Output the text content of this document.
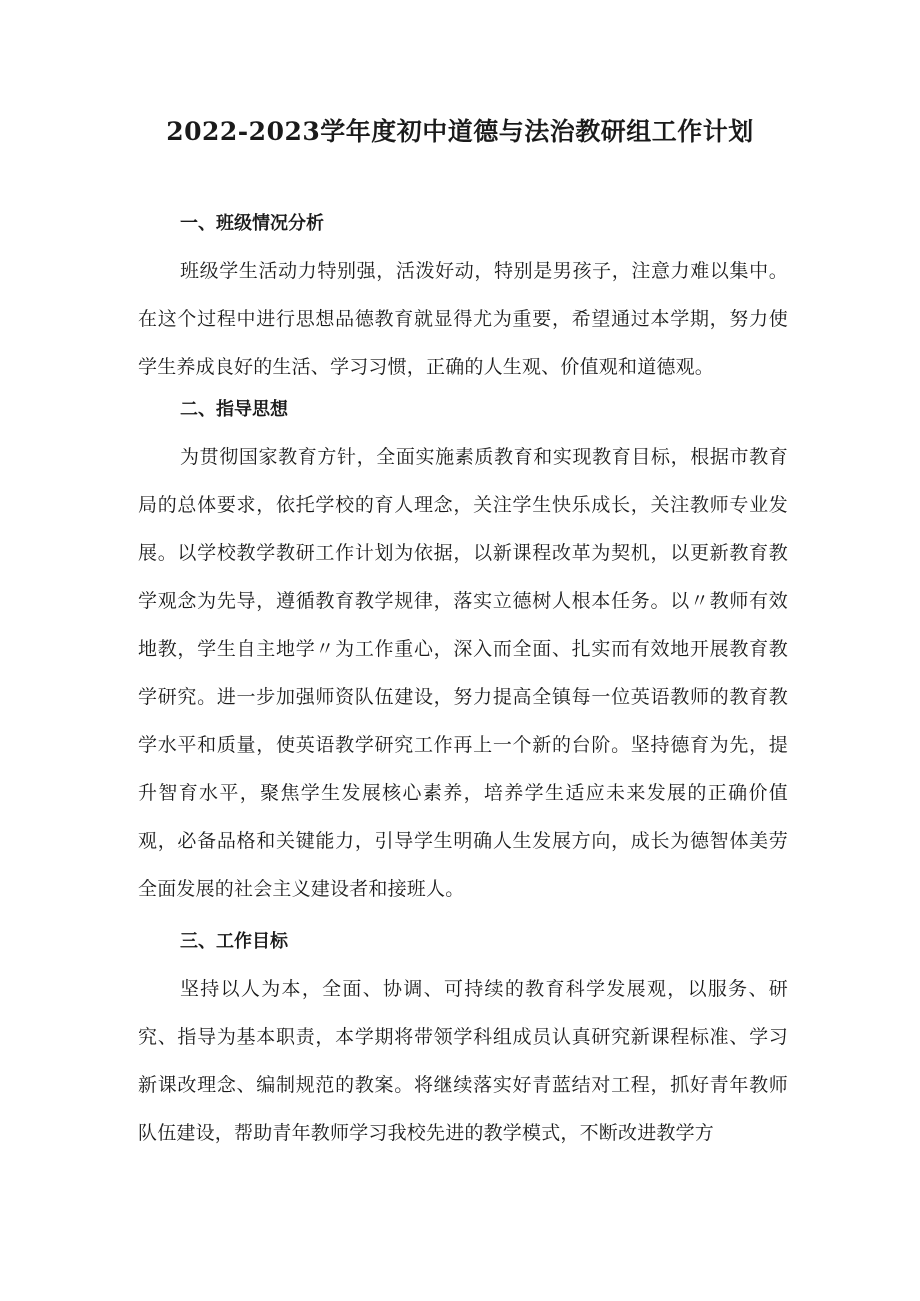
2022-2023学年度初中道德与法治教研组工作计划
一、班级情况分析

班级学生活动力特别强，活泼好动，特别是男孩子，注意力难以集中。在这个过程中进行思想品德教育就显得尤为重要，希望通过本学期，努力使学生养成良好的生活、学习习惯，正确的人生观、价值观和道德观。

二、指导思想

为贯彻国家教育方针，全面实施素质教育和实现教育目标，根据市教育局的总体要求，依托学校的育人理念，关注学生快乐成长，关注教师专业发展。以学校教学教研工作计划为依据，以新课程改革为契机，以更新教育教学观念为先导，遵循教育教学规律，落实立德树人根本任务。以〃教师有效地教，学生自主地学〃为工作重心，深入而全面、扎实而有效地开展教育教学研究。进一步加强师资队伍建设，努力提高全镇每一位英语教师的教育教学水平和质量，使英语教学研究工作再上一个新的台阶。坚持德育为先，提升智育水平，聚焦学生发展核心素养，培养学生适应未来发展的正确价值观，必备品格和关键能力，引导学生明确人生发展方向，成长为德智体美劳全面发展的社会主义建设者和接班人。

三、工作目标

坚持以人为本，全面、协调、可持续的教育科学发展观，以服务、研究、指导为基本职责，本学期将带领学科组成员认真研究新课程标准、学习新课改理念、编制规范的教案。将继续落实好青蓝结对工程，抓好青年教师队伍建设，帮助青年教师学习我校先进的教学模式，不断改进教学方
